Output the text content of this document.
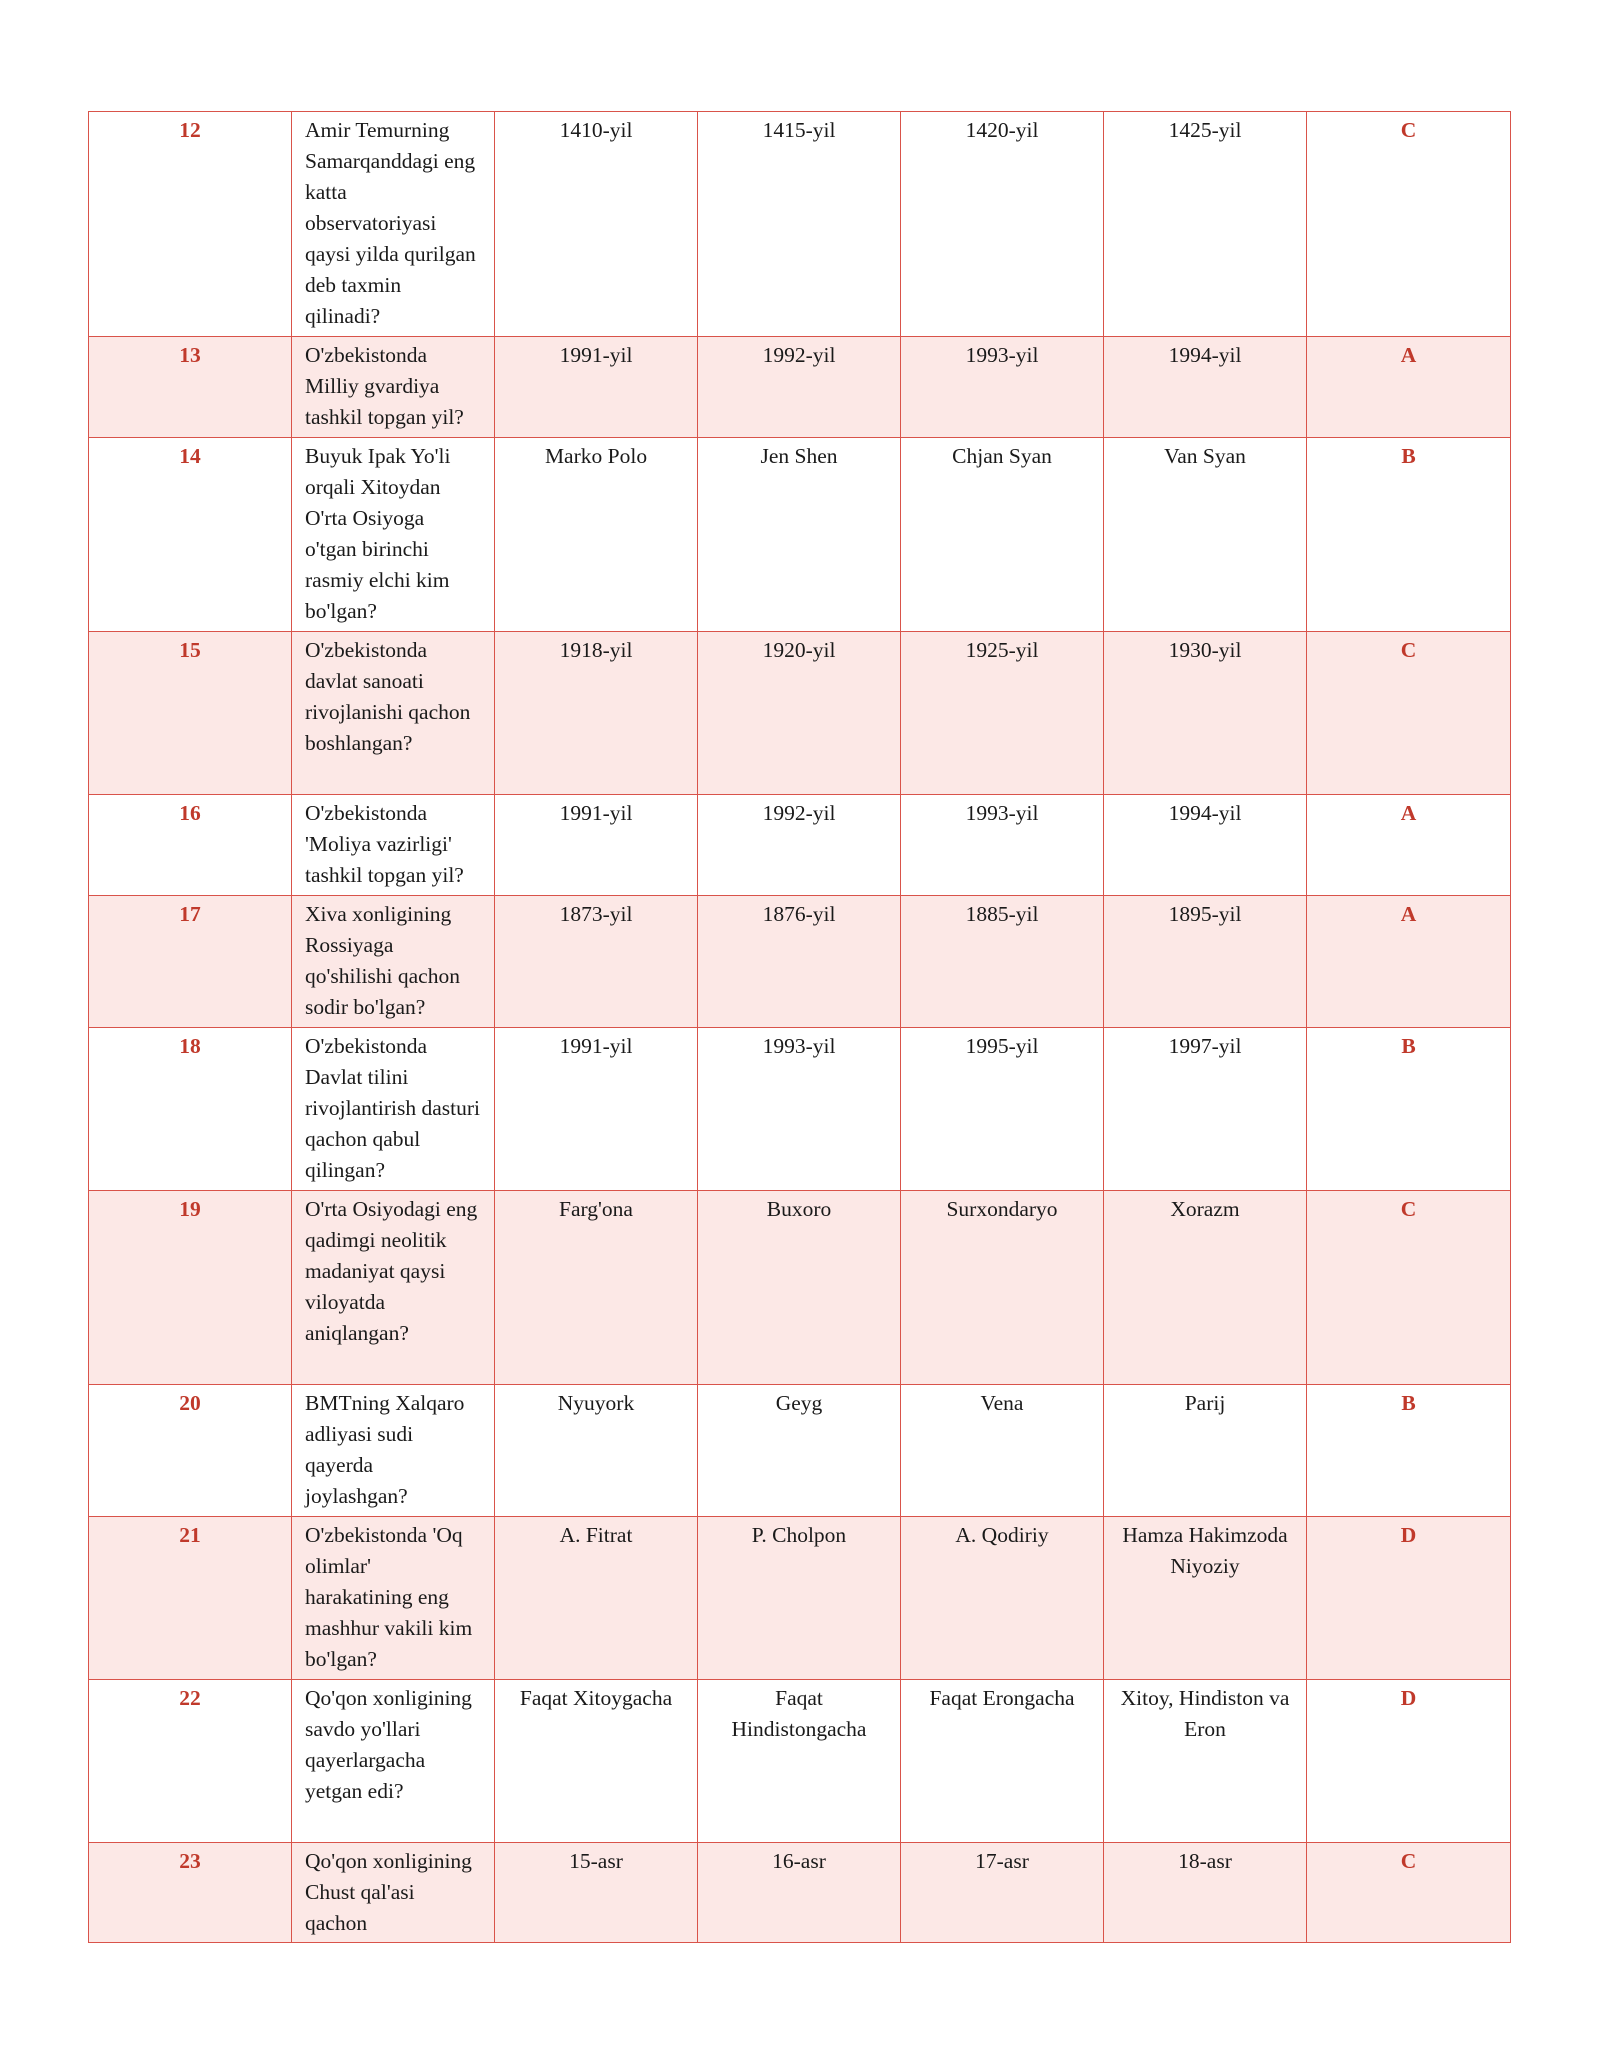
12	Amir Temurning Samarqanddagi eng katta observatoriyasi qaysi yilda qurilgan deb taxmin qilinadi?	1410-yil	1415-yil	1420-yil	1425-yil	C
13	O'zbekistonda Milliy gvardiya tashkil topgan yil?	1991-yil	1992-yil	1993-yil	1994-yil	A
14	Buyuk Ipak Yo'li orqali Xitoydan O'rta Osiyoga o'tgan birinchi rasmiy elchi kim bo'lgan?	Marko Polo	Jen Shen	Chjan Syan	Van Syan	B
15	O'zbekistonda davlat sanoati rivojlanishi qachon boshlangan?	1918-yil	1920-yil	1925-yil	1930-yil	C
16	O'zbekistonda 'Moliya vazirligi' tashkil topgan yil?	1991-yil	1992-yil	1993-yil	1994-yil	A
17	Xiva xonligining Rossiyaga qo'shilishi qachon sodir bo'lgan?	1873-yil	1876-yil	1885-yil	1895-yil	A
18	O'zbekistonda Davlat tilini rivojlantirish dasturi qachon qabul qilingan?	1991-yil	1993-yil	1995-yil	1997-yil	B
19	O'rta Osiyodagi eng qadimgi neolitik madaniyat qaysi viloyatda aniqlangan?	Farg'ona	Buxoro	Surxondaryo	Xorazm	C
20	BMTning Xalqaro adliyasi sudi qayerda joylashgan?	Nyuyork	Geyg	Vena	Parij	B
21	O'zbekistonda 'Oq olimlar' harakatining eng mashhur vakili kim bo'lgan?	A. Fitrat	P. Cholpon	A. Qodiriy	Hamza Hakimzoda Niyoziy	D
22	Qo'qon xonligining savdo yo'llari qayerlargacha yetgan edi?	Faqat Xitoygacha	Faqat Hindistongacha	Faqat Erongacha	Xitoy, Hindiston va Eron	D
23	Qo'qon xonligining Chust qal'asi qachon	15-asr	16-asr	17-asr	18-asr	C
